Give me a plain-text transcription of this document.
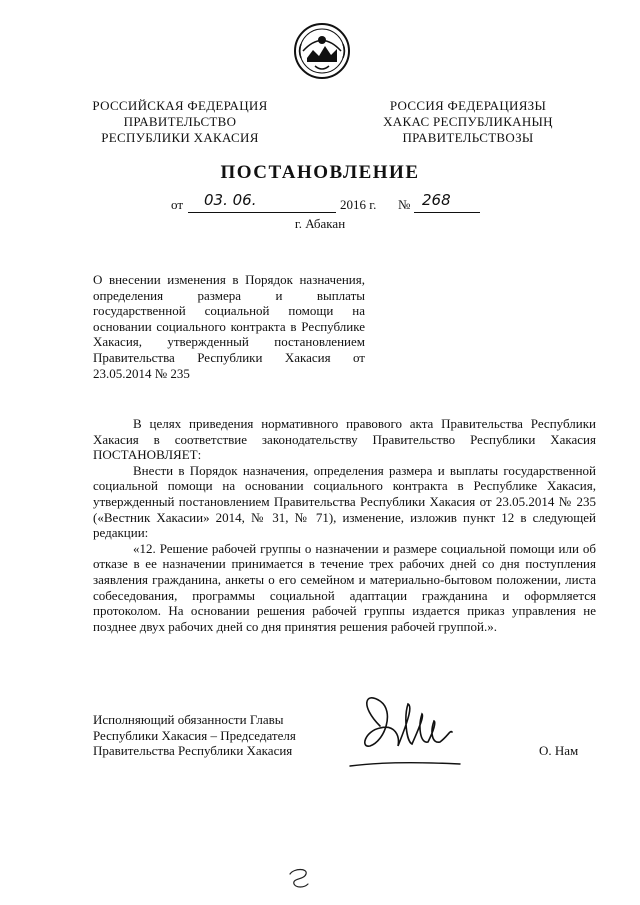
РОССИЙСКАЯ ФЕДЕРАЦИЯ
ПРАВИТЕЛЬСТВО
РЕСПУБЛИКИ ХАКАСИЯ
РОССИЯ ФЕДЕРАЦИЯЗЫ
ХАКАС РЕСПУБЛИКАНЫҢ
ПРАВИТЕЛЬСТВОЗЫ
ПОСТАНОВЛЕНИЕ
от 03. 06.	2016 г. № 268
г. Абакан
О внесении изменения в Порядок назначения, определения размера и выплаты государственной социальной помощи на основании социального контракта в Республике Хакасия, утвержденный постановлением Правительства Республики Хакасия от 23.05.2014 № 235

В целях приведения нормативного правового акта Правительства Республики Хакасия в соответствие законодательству Правительство Республики Хакасия ПОСТАНОВЛЯЕТ:

Внести в Порядок назначения, определения размера и выплаты государственной социальной помощи на основании социального контракта в Республике Хакасия, утвержденный постановлением Правительства Республики Хакасия от 23.05.2014 № 235 («Вестник Хакасии» 2014, № 31, № 71), изменение, изложив пункт 12 в следующей редакции:

«12. Решение рабочей группы о назначении и размере социальной помощи или об отказе в ее назначении принимается в течение трех рабочих дней со дня поступления заявления гражданина, анкеты о его семейном и материально-бытовом положении, листа собеседования, программы социальной адаптации гражданина и оформляется протоколом. На основании решения рабочей группы издается приказ управления не позднее двух рабочих дней со дня принятия решения рабочей группой.».

Исполняющий обязанности Главы
Республики Хакасия – Председателя
Правительства Республики Хакасия	О. Нам
